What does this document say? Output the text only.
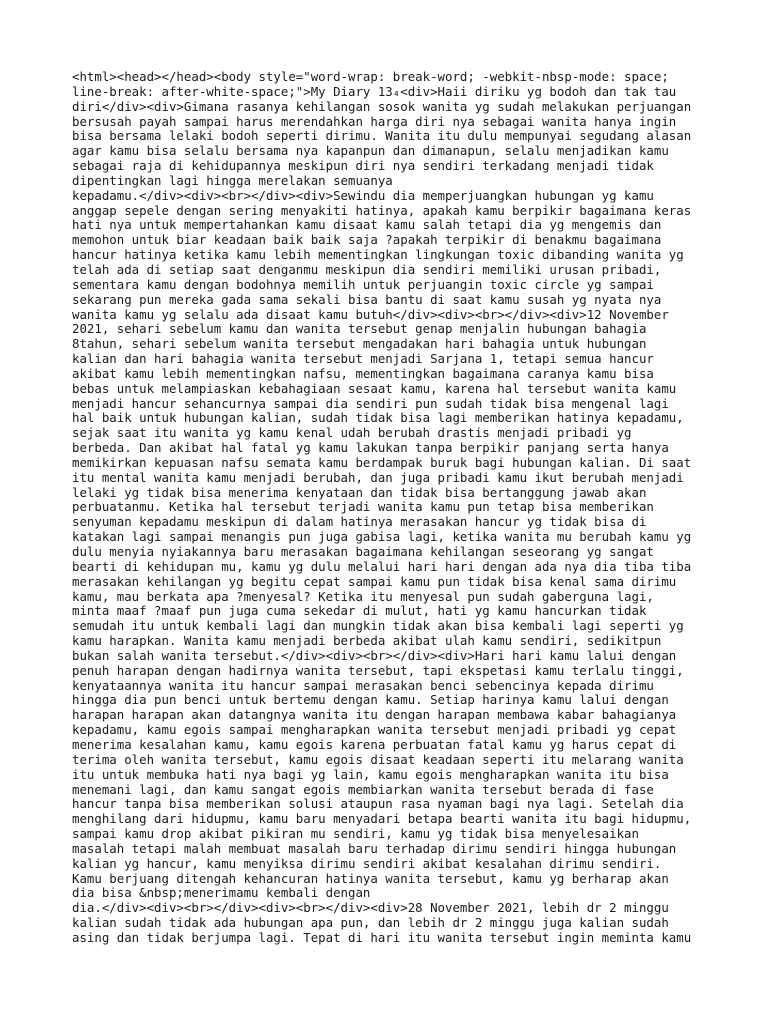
<html><head></head><body style="word-wrap: break-word; -webkit-nbsp-mode: space;
line-break: after-white-space;">My Diary 13₄<div>Haii diriku yg bodoh dan tak tau
diri</div><div>Gimana rasanya kehilangan sosok wanita yg sudah melakukan perjuangan
bersusah payah sampai harus merendahkan harga diri nya sebagai wanita hanya ingin
bisa bersama lelaki bodoh seperti dirimu. Wanita itu dulu mempunyai segudang alasan
agar kamu bisa selalu bersama nya kapanpun dan dimanapun, selalu menjadikan kamu
sebagai raja di kehidupannya meskipun diri nya sendiri terkadang menjadi tidak
dipentingkan lagi hingga merelakan semuanya
kepadamu.</div><div><br></div><div>Sewindu dia memperjuangkan hubungan yg kamu
anggap sepele dengan sering menyakiti hatinya, apakah kamu berpikir bagaimana keras
hati nya untuk mempertahankan kamu disaat kamu salah tetapi dia yg mengemis dan
memohon untuk biar keadaan baik baik saja ?apakah terpikir di benakmu bagaimana
hancur hatinya ketika kamu lebih mementingkan lingkungan toxic dibanding wanita yg
telah ada di setiap saat denganmu meskipun dia sendiri memiliki urusan pribadi,
sementara kamu dengan bodohnya memilih untuk perjuangin toxic circle yg sampai
sekarang pun mereka gada sama sekali bisa bantu di saat kamu susah yg nyata nya
wanita kamu yg selalu ada disaat kamu butuh</div><div><br></div><div>12 November
2021, sehari sebelum kamu dan wanita tersebut genap menjalin hubungan bahagia
8tahun, sehari sebelum wanita tersebut mengadakan hari bahagia untuk hubungan
kalian dan hari bahagia wanita tersebut menjadi Sarjana 1, tetapi semua hancur
akibat kamu lebih mementingkan nafsu, mementingkan bagaimana caranya kamu bisa
bebas untuk melampiaskan kebahagiaan sesaat kamu, karena hal tersebut wanita kamu
menjadi hancur sehancurnya sampai dia sendiri pun sudah tidak bisa mengenal lagi
hal baik untuk hubungan kalian, sudah tidak bisa lagi memberikan hatinya kepadamu,
sejak saat itu wanita yg kamu kenal udah berubah drastis menjadi pribadi yg
berbeda. Dan akibat hal fatal yg kamu lakukan tanpa berpikir panjang serta hanya
memikirkan kepuasan nafsu semata kamu berdampak buruk bagi hubungan kalian. Di saat
itu mental wanita kamu menjadi berubah, dan juga pribadi kamu ikut berubah menjadi
lelaki yg tidak bisa menerima kenyataan dan tidak bisa bertanggung jawab akan
perbuatanmu. Ketika hal tersebut terjadi wanita kamu pun tetap bisa memberikan
senyuman kepadamu meskipun di dalam hatinya merasakan hancur yg tidak bisa di
katakan lagi sampai menangis pun juga gabisa lagi, ketika wanita mu berubah kamu yg
dulu menyia nyiakannya baru merasakan bagaimana kehilangan seseorang yg sangat
bearti di kehidupan mu, kamu yg dulu melalui hari hari dengan ada nya dia tiba tiba
merasakan kehilangan yg begitu cepat sampai kamu pun tidak bisa kenal sama dirimu
kamu, mau berkata apa ?menyesal? Ketika itu menyesal pun sudah gaberguna lagi,
minta maaf ?maaf pun juga cuma sekedar di mulut, hati yg kamu hancurkan tidak
semudah itu untuk kembali lagi dan mungkin tidak akan bisa kembali lagi seperti yg
kamu harapkan. Wanita kamu menjadi berbeda akibat ulah kamu sendiri, sedikitpun
bukan salah wanita tersebut.</div><div><br></div><div>Hari hari kamu lalui dengan
penuh harapan dengan hadirnya wanita tersebut, tapi ekspetasi kamu terlalu tinggi,
kenyataannya wanita itu hancur sampai merasakan benci sebencinya kepada dirimu
hingga dia pun benci untuk bertemu dengan kamu. Setiap harinya kamu lalui dengan
harapan harapan akan datangnya wanita itu dengan harapan membawa kabar bahagianya
kepadamu, kamu egois sampai mengharapkan wanita tersebut menjadi pribadi yg cepat
menerima kesalahan kamu, kamu egois karena perbuatan fatal kamu yg harus cepat di
terima oleh wanita tersebut, kamu egois disaat keadaan seperti itu melarang wanita
itu untuk membuka hati nya bagi yg lain, kamu egois mengharapkan wanita itu bisa
menemani lagi, dan kamu sangat egois membiarkan wanita tersebut berada di fase
hancur tanpa bisa memberikan solusi ataupun rasa nyaman bagi nya lagi. Setelah dia
menghilang dari hidupmu, kamu baru menyadari betapa bearti wanita itu bagi hidupmu,
sampai kamu drop akibat pikiran mu sendiri, kamu yg tidak bisa menyelesaikan
masalah tetapi malah membuat masalah baru terhadap dirimu sendiri hingga hubungan
kalian yg hancur, kamu menyiksa dirimu sendiri akibat kesalahan dirimu sendiri.
Kamu berjuang ditengah kehancuran hatinya wanita tersebut, kamu yg berharap akan
dia bisa &nbsp;menerimamu kembali dengan
dia.</div><div><br></div><div><br></div><div>28 November 2021, lebih dr 2 minggu
kalian sudah tidak ada hubungan apa pun, dan lebih dr 2 minggu juga kalian sudah
asing dan tidak berjumpa lagi. Tepat di hari itu wanita tersebut ingin meminta kamu
